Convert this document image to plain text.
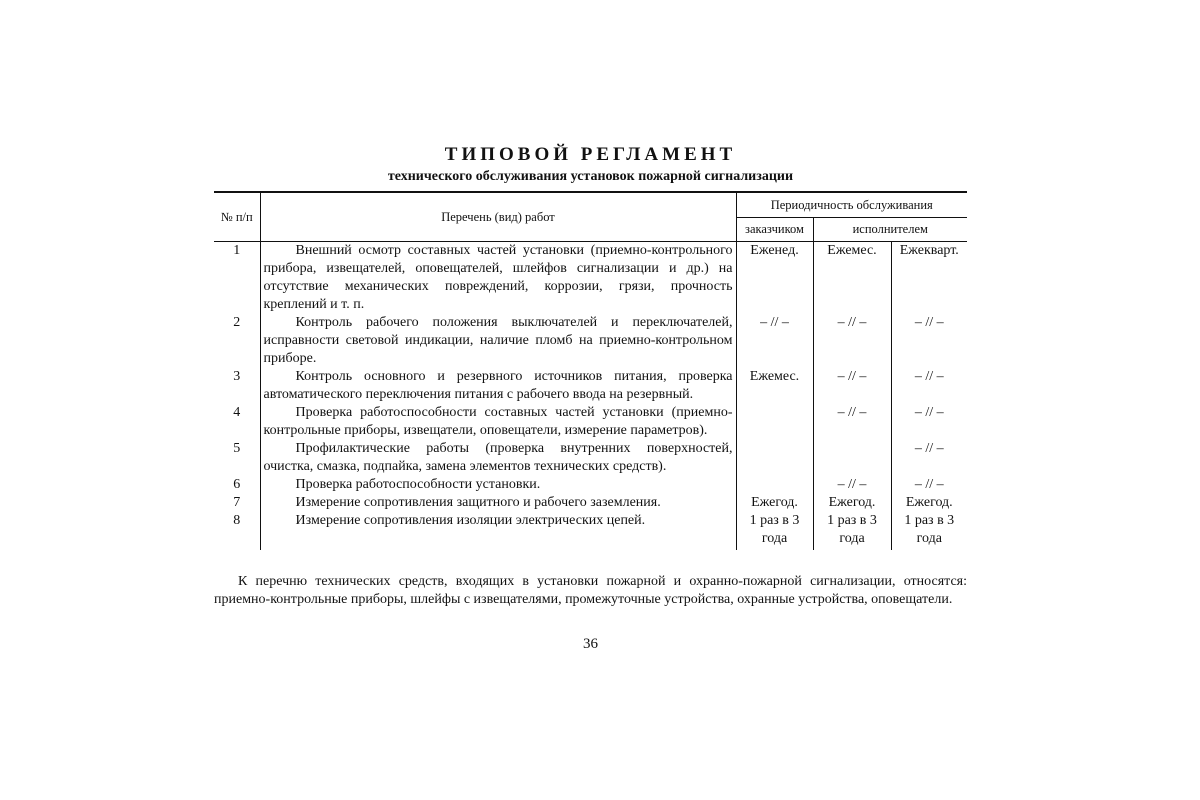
ТИПОВОЙ РЕГЛАМЕНТ
технического обслуживания установок пожарной сигнализации
№ п/п	Перечень (вид) работ	Периодичность обслуживания		
		заказчиком	исполнителем	
1	Внешний осмотр составных частей установки (приемно-контрольного прибора, извещателей, оповещателей, шлейфов сигнализации и др.) на отсутствие механических повреждений, коррозии, грязи, прочность креплений и т. п.	Еженед.	Ежемес.	Ежекварт.
2	Контроль рабочего положения выключателей и переключателей, исправности световой индикации, наличие пломб на приемно-контрольном приборе.	– // –	– // –	– // –
3	Контроль основного и резервного источников питания, проверка автоматического переключения питания с рабочего ввода на резервный.	Ежемес.	– // –	– // –
4	Проверка работоспособности составных частей установки (приемно-контрольные приборы, извещатели, оповещатели, измерение параметров).		– // –	– // –
5	Профилактические работы (проверка внутренних поверхностей, очистка, смазка, подпайка, замена элементов технических средств).			– // –
6	Проверка работоспособности установки.		– // –	– // –
7	Измерение сопротивления защитного и рабочего заземления.	Ежегод.	Ежегод.	Ежегод.
8	Измерение сопротивления изоляции электрических цепей.	1 раз в 3 года	1 раз в 3 года	1 раз в 3 года
К перечню технических средств, входящих в установки пожарной и охранно-пожарной сигнализации, относятся: приемно-контрольные приборы, шлейфы с извещателями, промежуточные устройства, охранные устройства, оповещатели.
36
